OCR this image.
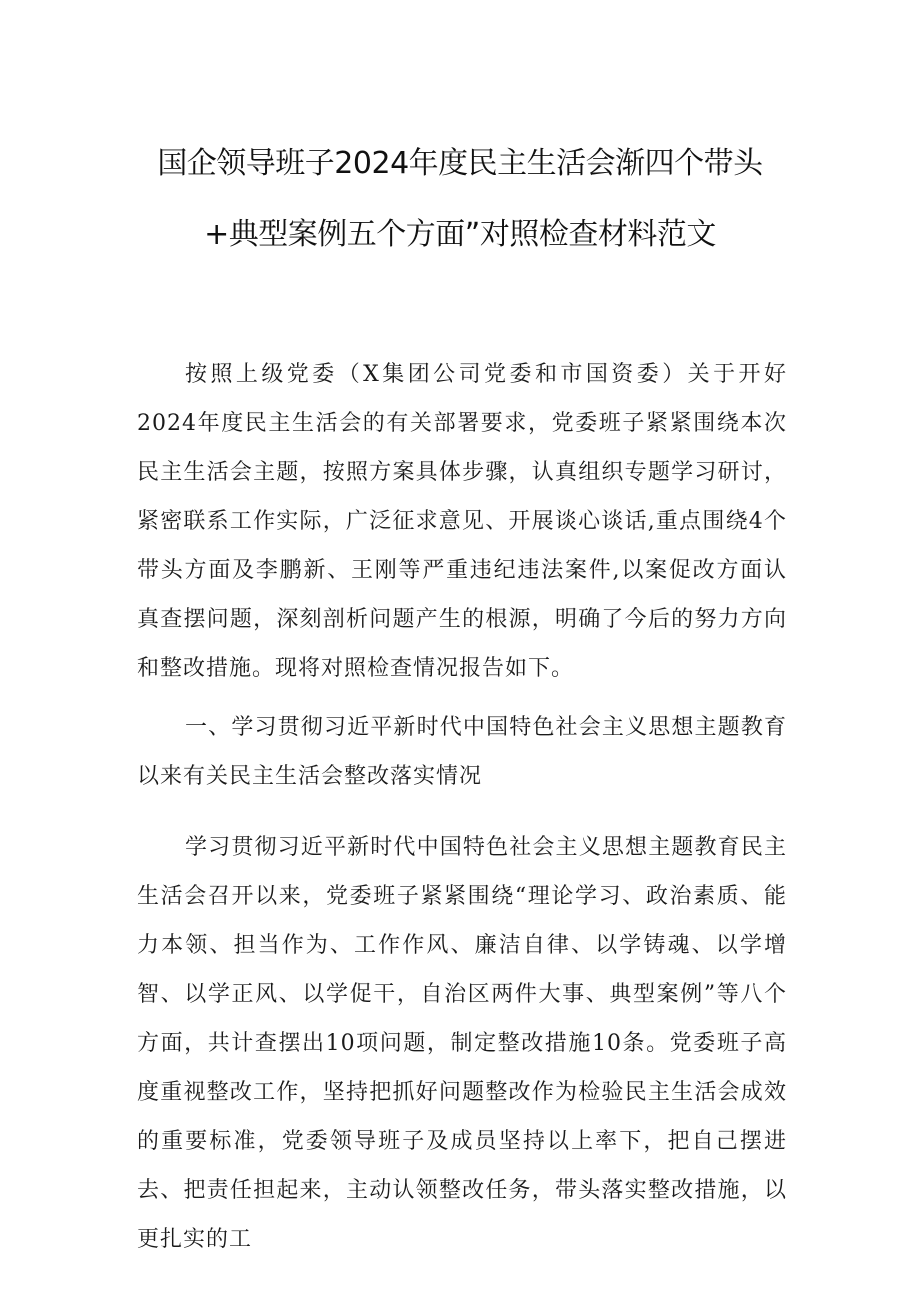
国企领导班子2024年度民主生活会渐四个带头+典型案例五个方面”对照检查材料范文

按照上级党委（X集团公司党委和市国资委）关于开好2024年度民主生活会的有关部署要求，党委班子紧紧围绕本次民主生活会主题，按照方案具体步骤，认真组织专题学习研讨，紧密联系工作实际，广泛征求意见、开展谈心谈话,重点围绕4个带头方面及李鹏新、王刚等严重违纪违法案件,以案促改方面认真查摆问题，深刻剖析问题产生的根源，明确了今后的努力方向和整改措施。现将对照检查情况报告如下。

一、学习贯彻习近平新时代中国特色社会主义思想主题教育以来有关民主生活会整改落实情况

学习贯彻习近平新时代中国特色社会主义思想主题教育民主生活会召开以来，党委班子紧紧围绕“理论学习、政治素质、能力本领、担当作为、工作作风、廉洁自律、以学铸魂、以学增智、以学正风、以学促干，自治区两件大事、典型案例”等八个方面，共计查摆出10项问题，制定整改措施10条。党委班子高度重视整改工作，坚持把抓好问题整改作为检验民主生活会成效的重要标准，党委领导班子及成员坚持以上率下，把自己摆进去、把责任担起来，主动认领整改任务，带头落实整改措施，以更扎实的工
